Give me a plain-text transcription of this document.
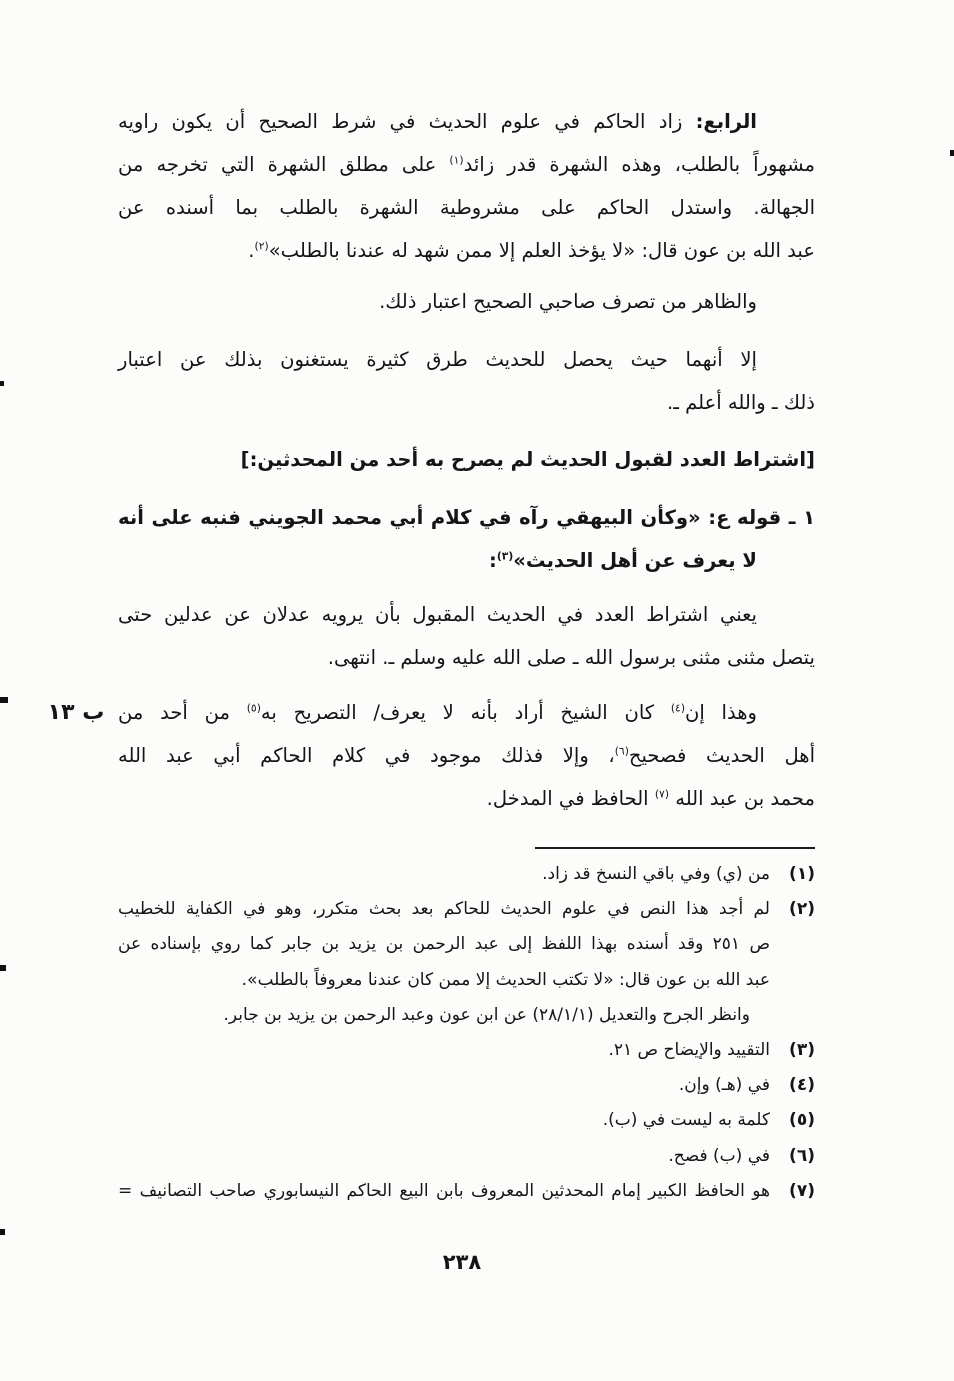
الرابع: زاد الحاكم في علوم الحديث في شرط الصحيح أن يكون راويه
مشهوراً بالطلب، وهذه الشهرة قدر زائد$^{(١)}$ على مطلق الشهرة التي تخرجه من
الجهالة. واستدل الحاكم على مشروطية الشهرة بالطلب بما أسنده عن
عبد الله بن عون قال: «لا يؤخذ العلم إلا ممن شهد له عندنا بالطلب»$^{(٢)}$.
والظاهر من تصرف صاحبي الصحيح اعتبار ذلك.
إلا أنهما حيث يحصل للحديث طرق كثيرة يستغنون بذلك عن اعتبار
ذلك ـ والله أعلم ـ.
[اشتراط العدد لقبول الحديث لم يصرح به أحد من المحدثين:]
١ ـ قوله ع: «وكأن البيهقي رآه في كلام أبي محمد الجويني فنبه على أنه
لا يعرف عن أهل الحديث»$^{(٣)}$:
يعني اشتراط العدد في الحديث المقبول بأن يرويه عدلان عن عدلين حتى
يتصل مثنى مثنى برسول الله ـ صلى الله عليه وسلم ـ. انتهى.
وهذا إن$^{(٤)}$ كان الشيخ أراد بأنه لا يعرف/ التصريح به$^{(٥)}$ من أحد من
أهل الحديث فصحيح$^{(٦)}$، وإلا فذلك موجود في كلام الحاكم أبي عبد الله
محمد بن عبد الله $^{(٧)}$ الحافظ في المدخل.
ب ١٣
(١)
من (ي) وفي باقي النسخ قد زاد.
(٢)
لم أجد هذا النص في علوم الحديث للحاكم بعد بحث متكرر، وهو في الكفاية للخطيب
ص ٢٥١ وقد أسنده بهذا اللفظ إلى عبد الرحمن بن يزيد بن جابر كما روي بإسناده عن
عبد الله بن عون قال: «لا تكتب الحديث إلا ممن كان عندنا معروفاً بالطلب».
وانظر الجرح والتعديل (٢٨/١/١) عن ابن عون وعبد الرحمن بن يزيد بن جابر.
(٣)
التقييد والإيضاح ص ٢١.
(٤)
في (هـ) وإن.
(٥)
كلمة به ليست في (ب).
(٦)
في (ب) فصح.
(٧)
هو الحافظ الكبير إمام المحدثين المعروف بابن البيع الحاكم النيسابوري صاحب التصانيف =
٢٣٨
